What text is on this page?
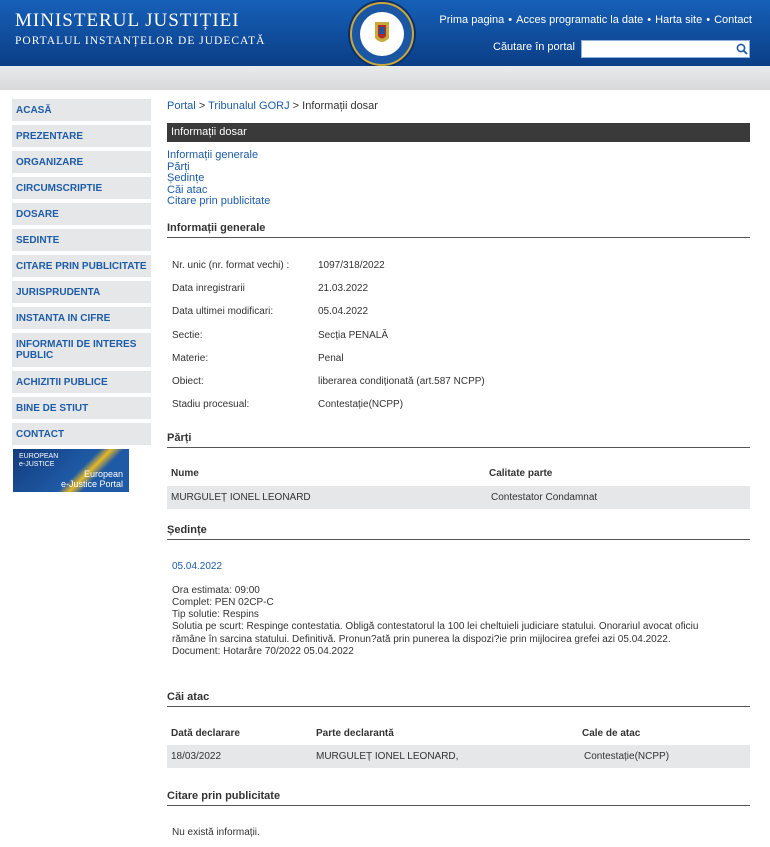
MINISTERUL JUSTIȚIEI
PORTALUL INSTANȚELOR DE JUDECATĂ
Prima pagina • Acces programatic la date • Harta site • Contact
Căutare în portal
ACASĂ
PREZENTARE
ORGANIZARE
CIRCUMSCRIPTIE
DOSARE
SEDINTE
CITARE PRIN PUBLICITATE
JURISPRUDENTA
INSTANTA IN CIFRE
INFORMATII DE INTERES PUBLIC
ACHIZITII PUBLICE
BINE DE STIUT
CONTACT
EUROPEAN
e-JUSTICE
European
e-Justice Portal
Portal > Tribunalul GORJ > Informații dosar
Informații dosar
Informații generale
Părți
Ședințe
Căi atac
Citare prin publicitate
Informații generale
Nr. unic (nr. format vechi) :	1097/318/2022
Data inregistrarii	21.03.2022
Data ultimei modificari:	05.04.2022
Sectie:	Secția PENALĂ
Materie:	Penal
Obiect:	liberarea condiționată (art.587 NCPP)
Stadiu procesual:	Contestație(NCPP)
Părți
Nume	Calitate parte
MURGULEȚ IONEL LEONARD	Contestator Condamnat
Ședințe
05.04.2022
Ora estimata: 09:00
Complet: PEN 02CP-C
Tip solutie: Respins
Solutia pe scurt: Respinge contestatia. Obligă contestatorul la 100 lei cheltuieli judiciare statului. Onorariul avocat oficiu
rămâne în sarcina statului. Definitivă. Pronun?ată prin punerea la dispozi?ie prin mijlocirea grefei azi 05.04.2022.
Document: Hotarâre 70/2022 05.04.2022
Căi atac
Dată declarare	Parte declarantă	Cale de atac
18/03/2022	MURGULEȚ IONEL LEONARD,	Contestație(NCPP)
Citare prin publicitate
Nu există informații.
